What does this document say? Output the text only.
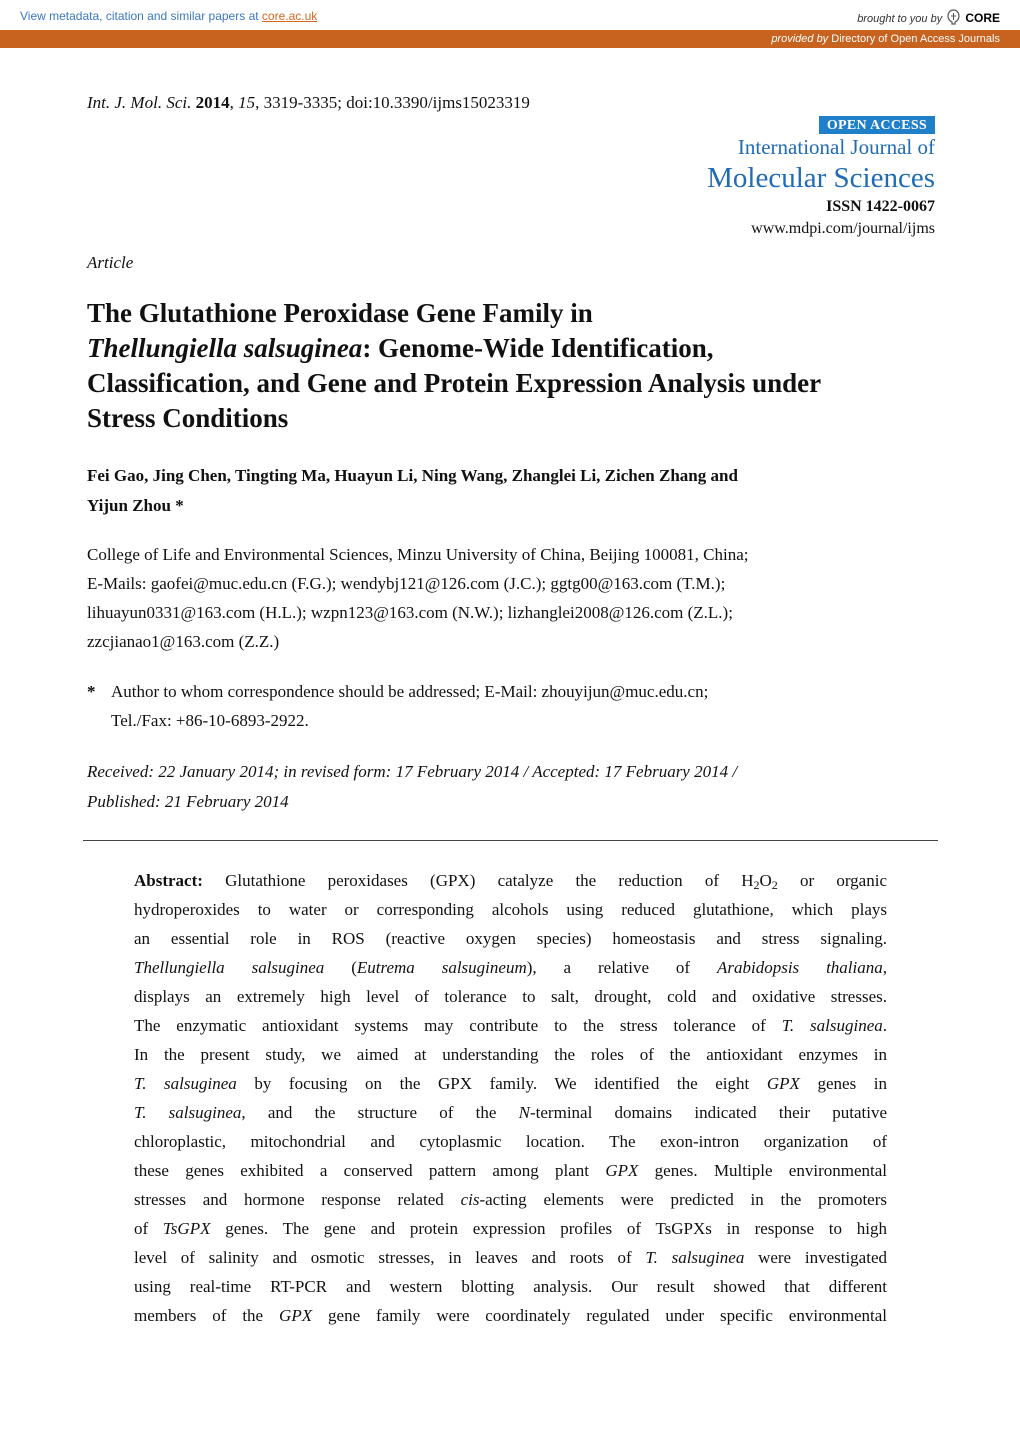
View metadata, citation and similar papers at core.ac.uk	brought to you by CORE
provided by Directory of Open Access Journals
Int. J. Mol. Sci. 2014, 15, 3319-3335; doi:10.3390/ijms15023319
OPEN ACCESS
International Journal of
Molecular Sciences
ISSN 1422-0067
www.mdpi.com/journal/ijms
Article
The Glutathione Peroxidase Gene Family in
Thellungiella salsuginea: Genome-Wide Identification,
Classification, and Gene and Protein Expression Analysis under
Stress Conditions
Fei Gao, Jing Chen, Tingting Ma, Huayun Li, Ning Wang, Zhanglei Li, Zichen Zhang and
Yijun Zhou *
College of Life and Environmental Sciences, Minzu University of China, Beijing 100081, China;
E-Mails: gaofei@muc.edu.cn (F.G.); wendybj121@126.com (J.C.); ggtg00@163.com (T.M.);
lihuayun0331@163.com (H.L.); wzpn123@163.com (N.W.); lizhanglei2008@126.com (Z.L.);
zzcjianao1@163.com (Z.Z.)
* Author to whom correspondence should be addressed; E-Mail: zhouyijun@muc.edu.cn;
Tel./Fax: +86-10-6893-2922.
Received: 22 January 2014; in revised form: 17 February 2014 / Accepted: 17 February 2014 /
Published: 21 February 2014
Abstract: Glutathione peroxidases (GPX) catalyze the reduction of $H_2O_2$ or organic
hydroperoxides to water or corresponding alcohols using reduced glutathione, which plays
an essential role in ROS (reactive oxygen species) homeostasis and stress signaling.
Thellungiella salsuginea (Eutrema salsugineum), a relative of Arabidopsis thaliana,
displays an extremely high level of tolerance to salt, drought, cold and oxidative stresses.
The enzymatic antioxidant systems may contribute to the stress tolerance of T. salsuginea.
In the present study, we aimed at understanding the roles of the antioxidant enzymes in
T. salsuginea by focusing on the GPX family. We identified the eight GPX genes in
T. salsuginea, and the structure of the N-terminal domains indicated their putative
chloroplastic, mitochondrial and cytoplasmic location. The exon-intron organization of
these genes exhibited a conserved pattern among plant GPX genes. Multiple environmental
stresses and hormone response related cis-acting elements were predicted in the promoters
of TsGPX genes. The gene and protein expression profiles of TsGPXs in response to high
level of salinity and osmotic stresses, in leaves and roots of T. salsuginea were investigated
using real-time RT-PCR and western blotting analysis. Our result showed that different
members of the GPX gene family were coordinately regulated under specific environmental
